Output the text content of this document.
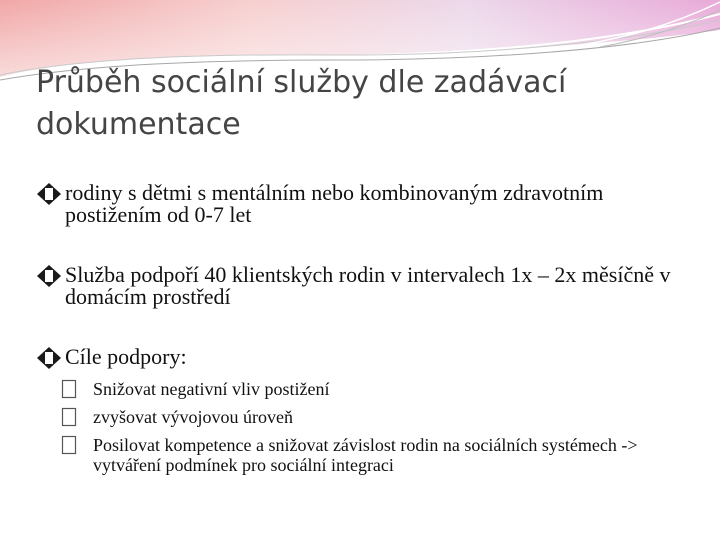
Průběh sociální služby dle zadávací dokumentace
rodiny s dětmi s mentálním nebo kombinovaným zdravotním postižením od 0-7 let
Služba podpoří 40 klientských rodin v intervalech 1x – 2x měsíčně v domácím prostředí
Cíle podpory:
Snižovat negativní vliv postižení
zvyšovat vývojovou úroveň
Posilovat kompetence a snižovat závislost rodin na sociálních systémech -> vytváření podmínek pro sociální integraci
